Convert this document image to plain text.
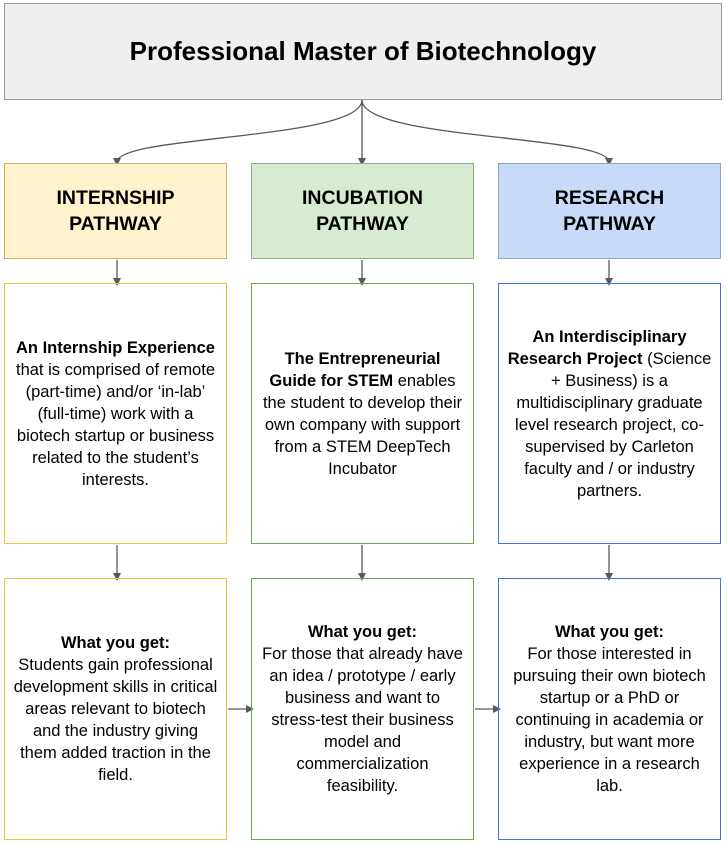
Professional Master of Biotechnology
INTERNSHIP
PATHWAY
INCUBATION
PATHWAY
RESEARCH
PATHWAY
An Internship Experience that is comprised of remote (part-time) and/or ‘in-lab’ (full-time) work with a biotech startup or business related to the student’s interests.
The Entrepreneurial Guide for STEM enables the student to develop their own company with support from a STEM DeepTech Incubator
An Interdisciplinary Research Project (Science + Business) is a multidisciplinary graduate level research project, co-supervised by Carleton faculty and / or industry partners.
What you get:
Students gain professional development skills in critical areas relevant to biotech and the industry giving them added traction in the field.
What you get:
For those that already have an idea / prototype / early business and want to stress-test their business model and commercialization feasibility.
What you get:
For those interested in pursuing their own biotech startup or a PhD or continuing in academia or industry, but want more experience in a research lab.
